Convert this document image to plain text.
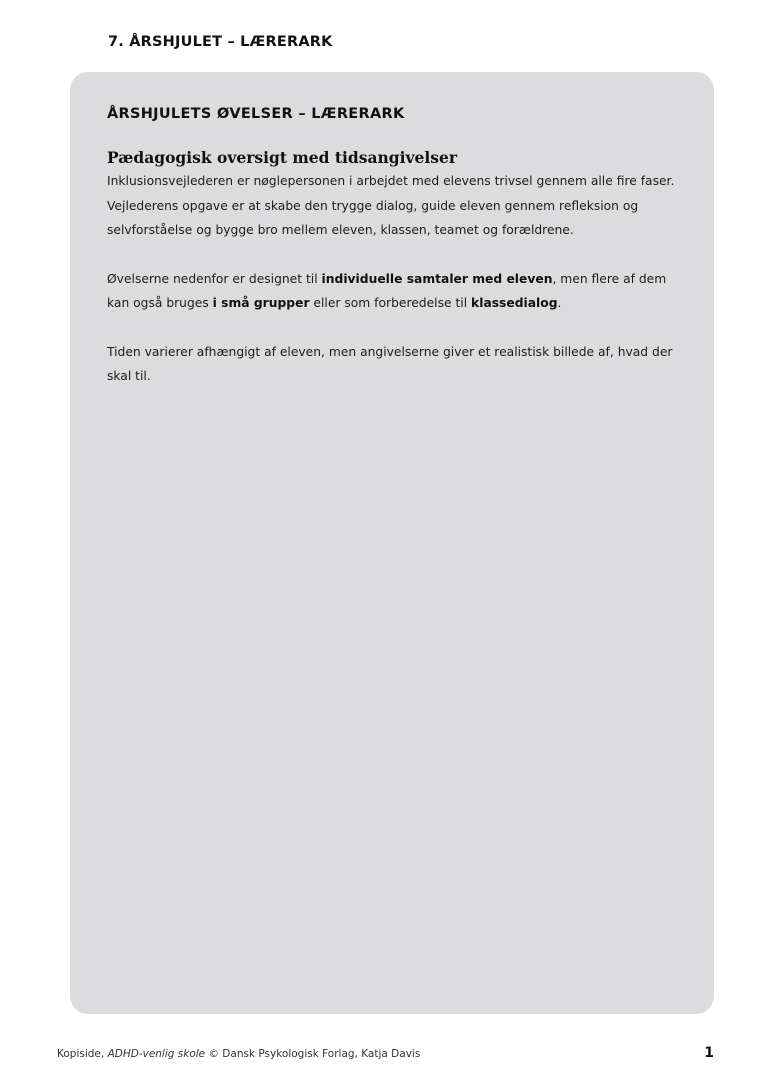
7. ÅRSHJULET – LÆRERARK
ÅRSHJULETS ØVELSER – LÆRERARK
Pædagogisk oversigt med tidsangivelser

Inklusionsvejlederen er nøglepersonen i arbejdet med elevens trivsel gennem alle fire faser. Vejlederens opgave er at skabe den trygge dialog, guide eleven gennem refleksion og selvforståelse og bygge bro mellem eleven, klassen, teamet og forældrene.

Øvelserne nedenfor er designet til individuelle samtaler med eleven, men flere af dem kan også bruges i små grupper eller som forberedelse til klassedialog.

Tiden varierer afhængigt af eleven, men angivelserne giver et realistisk billede af, hvad der skal til.

Kopiside, ADHD-venlig skole © Dansk Psykologisk Forlag, Katja Davis	1
